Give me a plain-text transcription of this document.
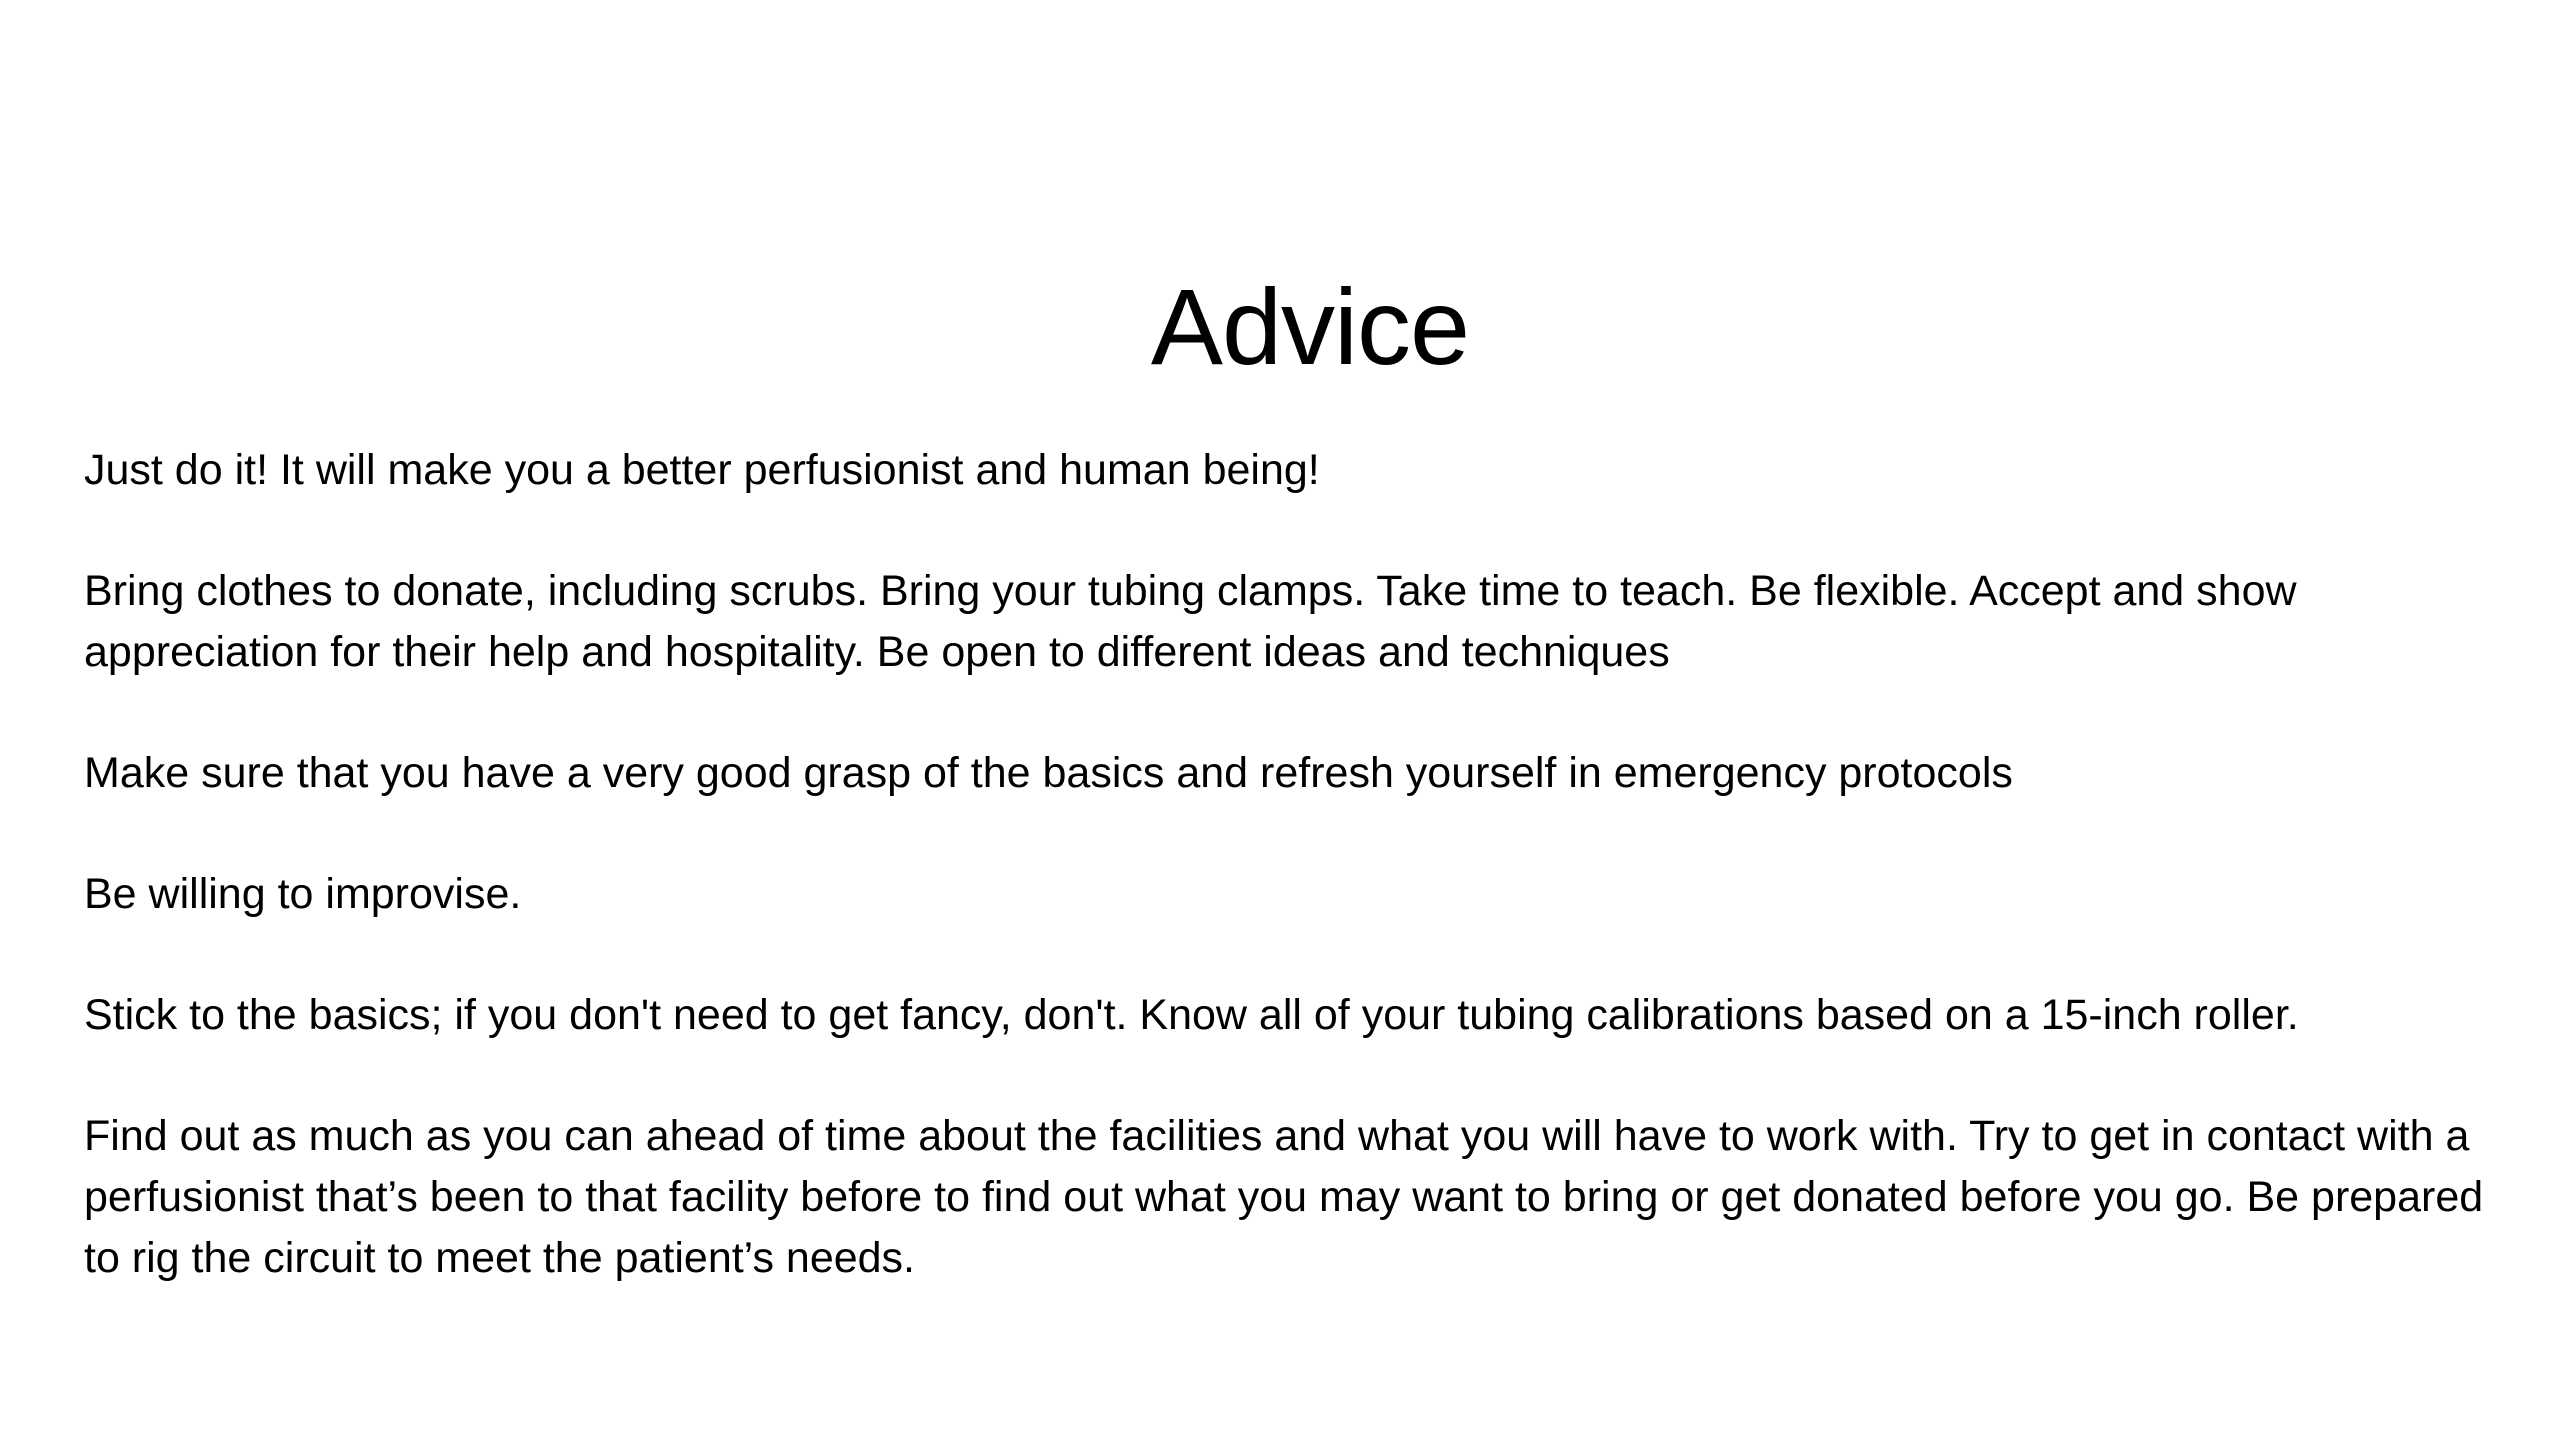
Advice

Just do it! It will make you a better perfusionist and human being!

Bring clothes to donate, including scrubs. Bring your tubing clamps. Take time to teach. Be flexible. Accept and show appreciation for their help and hospitality. Be open to different ideas and techniques

Make sure that you have a very good grasp of the basics and refresh yourself in emergency protocols

Be willing to improvise.

Stick to the basics; if you don't need to get fancy, don't. Know all of your tubing calibrations based on a 15-inch roller.

Find out as much as you can ahead of time about the facilities and what you will have to work with. Try to get in contact with a perfusionist that’s been to that facility before to find out what you may want to bring or get donated before you go. Be prepared to rig the circuit to meet the patient’s needs.
